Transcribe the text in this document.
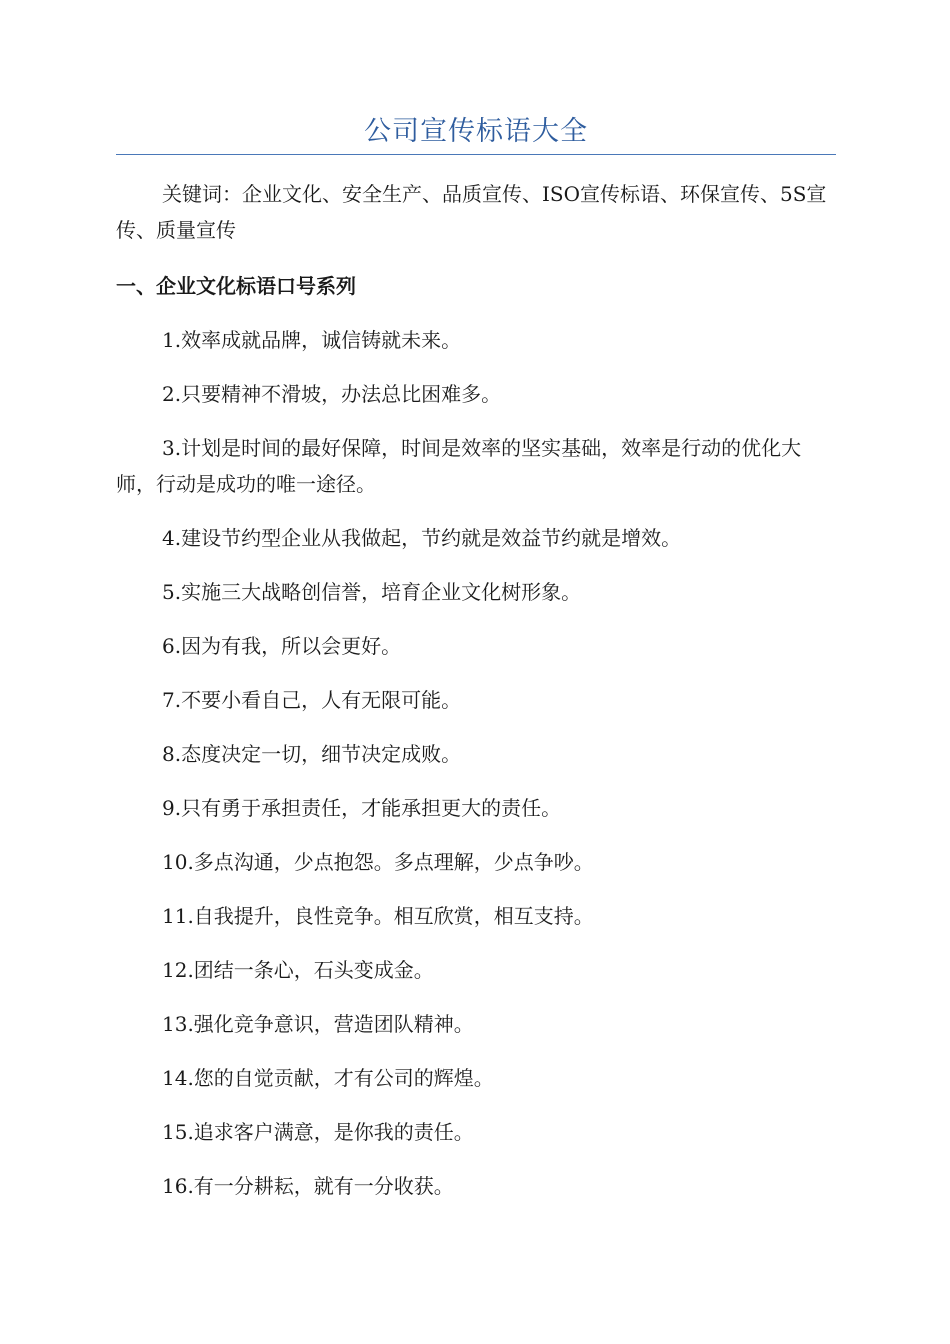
公司宣传标语大全

关键词：企业文化、安全生产、品质宣传、ISO宣传标语、环保宣传、5S宣传、质量宣传

一、企业文化标语口号系列
1.效率成就品牌，诚信铸就未来。
2.只要精神不滑坡，办法总比困难多。
3.计划是时间的最好保障，时间是效率的坚实基础，效率是行动的优化大师，行动是成功的唯一途径。
4.建设节约型企业从我做起，节约就是效益节约就是增效。
5.实施三大战略创信誉，培育企业文化树形象。
6.因为有我，所以会更好。
7.不要小看自己，人有无限可能。
8.态度决定一切，细节决定成败。
9.只有勇于承担责任，才能承担更大的责任。
10.多点沟通，少点抱怨。多点理解，少点争吵。
11.自我提升，良性竞争。相互欣赏，相互支持。
12.团结一条心，石头变成金。
13.强化竞争意识，营造团队精神。
14.您的自觉贡献，才有公司的辉煌。
15.追求客户满意，是你我的责任。
16.有一分耕耘，就有一分收获。
